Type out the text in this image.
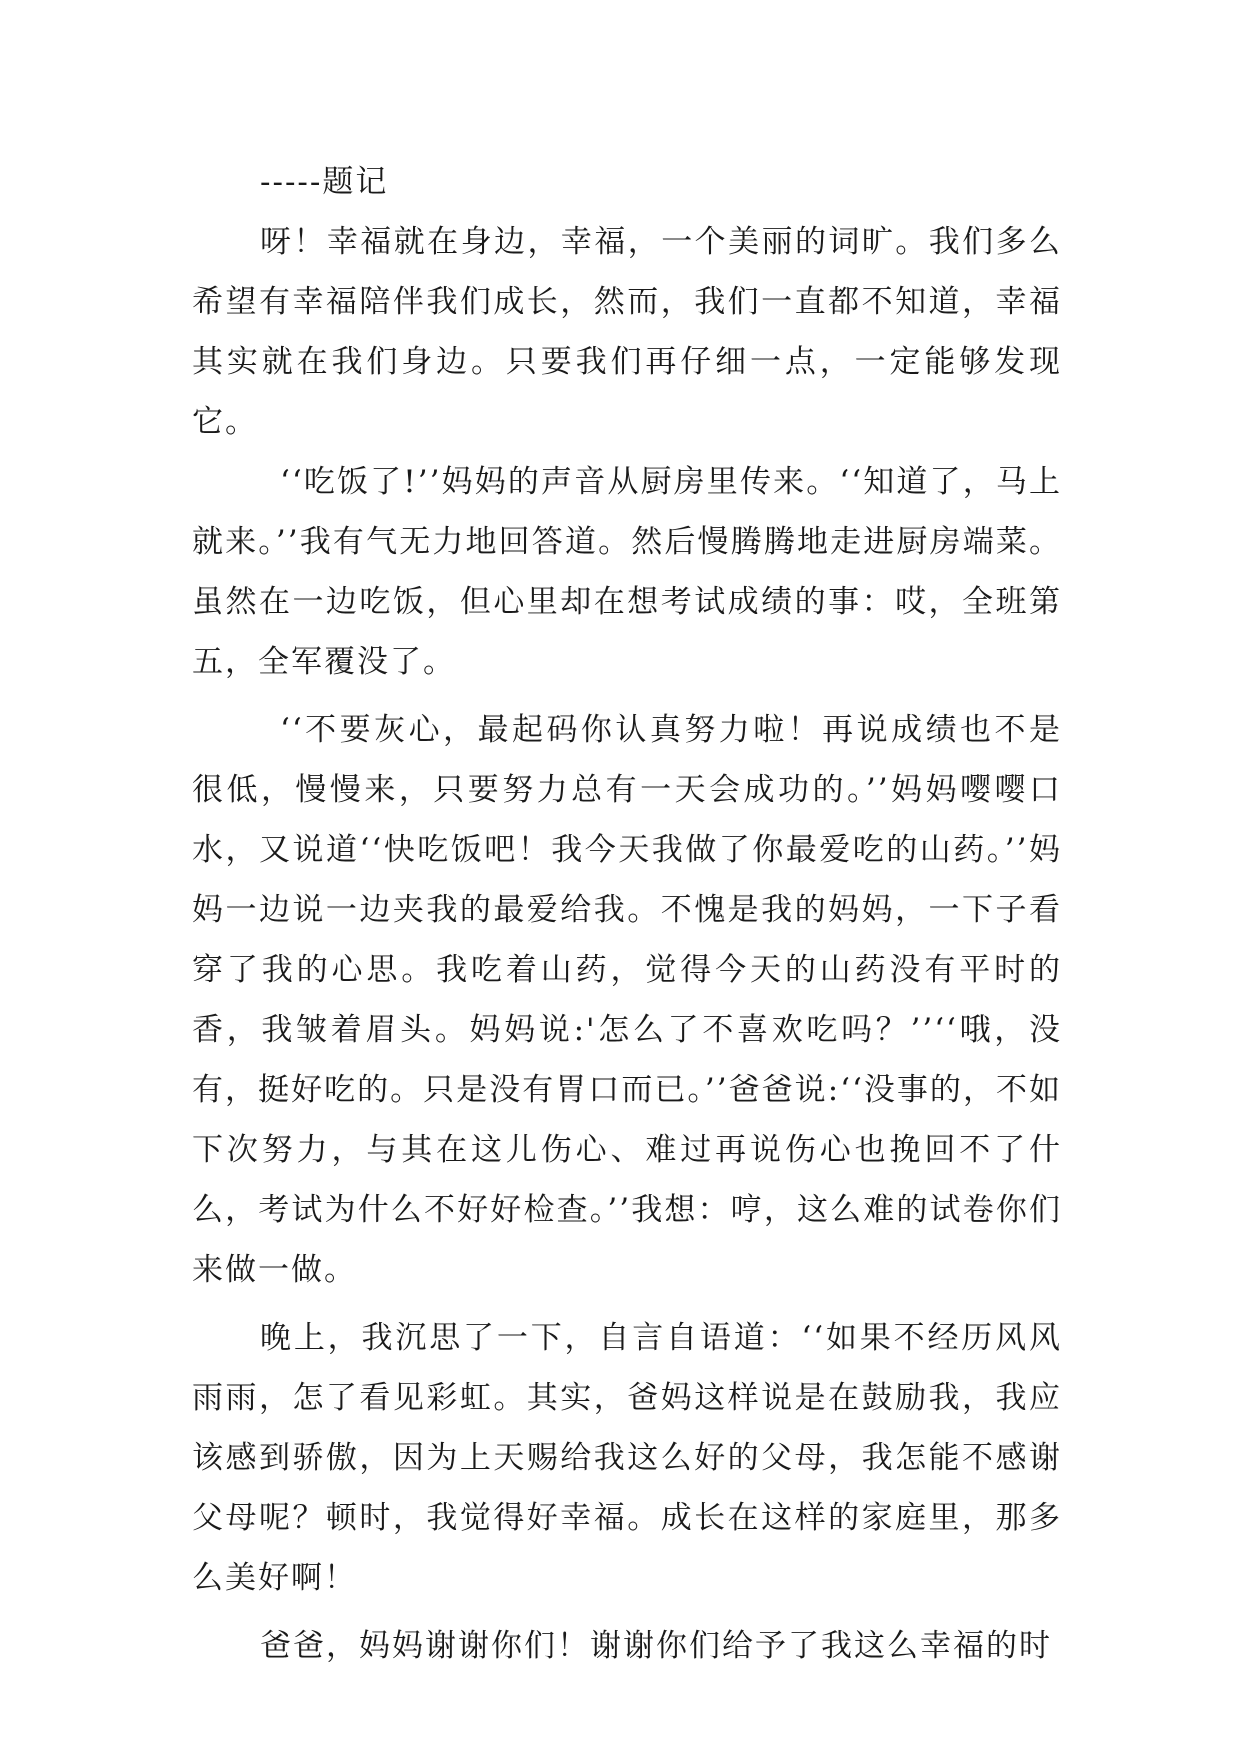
-----题记

呀！幸福就在身边，幸福，一个美丽的词旷。我们多么希望有幸福陪伴我们成长，然而，我们一直都不知道，幸福其实就在我们身边。只要我们再仔细一点，一定能够发现它。

‘‘吃饭了!’’妈妈的声音从厨房里传来。‘‘知道了，马上就来。’’我有气无力地回答道。然后慢腾腾地走进厨房端菜。虽然在一边吃饭，但心里却在想考试成绩的事：哎，全班第五，全军覆没了。

‘‘不要灰心，最起码你认真努力啦！再说成绩也不是很低，慢慢来，只要努力总有一天会成功的。’’妈妈嘤嘤口水，又说道‘‘快吃饭吧！我今天我做了你最爱吃的山药。’’妈妈一边说一边夹我的最爱给我。不愧是我的妈妈，一下子看穿了我的心思。我吃着山药，觉得今天的山药没有平时的香，我皱着眉头。妈妈说:'怎么了不喜欢吃吗？’’‘‘哦，没有，挺好吃的。只是没有胃口而已。’’爸爸说:‘‘没事的，不如下次努力，与其在这儿伤心、难过再说伤心也挽回不了什么，考试为什么不好好检查。’’我想：哼，这么难的试卷你们来做一做。

晚上，我沉思了一下，自言自语道：‘‘如果不经历风风雨雨，怎了看见彩虹。其实，爸妈这样说是在鼓励我，我应该感到骄傲，因为上天赐给我这么好的父母，我怎能不感谢父母呢？顿时，我觉得好幸福。成长在这样的家庭里，那多么美好啊！

爸爸，妈妈谢谢你们！谢谢你们给予了我这么幸福的时
